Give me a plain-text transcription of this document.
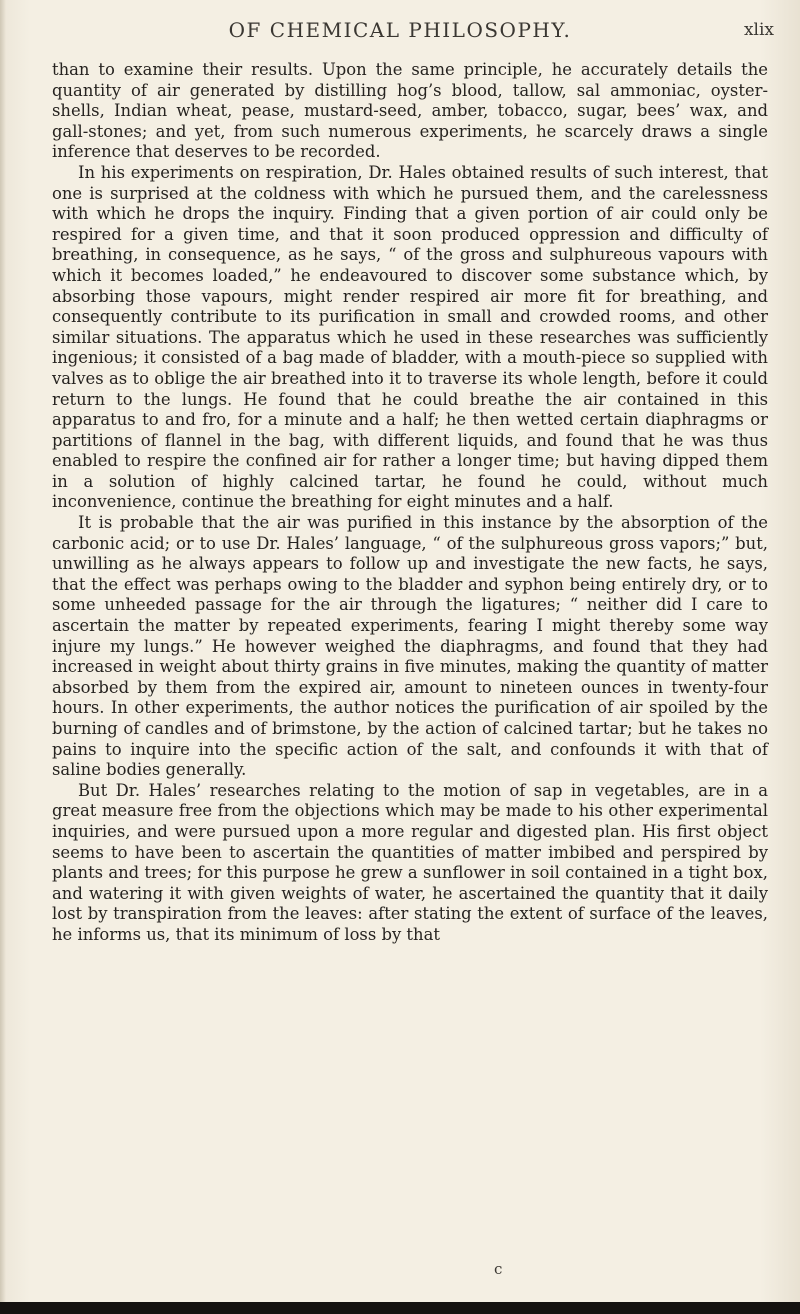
OF CHEMICAL PHILOSOPHY.	xlix

than to examine their results. Upon the same principle, he accurately details the quantity of air generated by distilling hog’s blood, tallow, sal ammoniac, oyster-shells, Indian wheat, pease, mustard-seed, amber, tobacco, sugar, bees’ wax, and gall-stones; and yet, from such numerous experiments, he scarcely draws a single inference that deserves to be recorded.

In his experiments on respiration, Dr. Hales obtained results of such interest, that one is surprised at the coldness with which he pursued them, and the carelessness with which he drops the inquiry. Finding that a given portion of air could only be respired for a given time, and that it soon produced oppression and difficulty of breathing, in consequence, as he says, “ of the gross and sulphureous vapours with which it becomes loaded,” he endeavoured to discover some substance which, by absorbing those vapours, might render respired air more fit for breathing, and consequently contribute to its purification in small and crowded rooms, and other similar situations. The apparatus which he used in these researches was sufficiently ingenious; it consisted of a bag made of bladder, with a mouth-piece so supplied with valves as to oblige the air breathed into it to traverse its whole length, before it could return to the lungs. He found that he could breathe the air contained in this apparatus to and fro, for a minute and a half; he then wetted certain diaphragms or partitions of flannel in the bag, with different liquids, and found that he was thus enabled to respire the confined air for rather a longer time; but having dipped them in a solution of highly calcined tartar, he found he could, without much inconvenience, continue the breathing for eight minutes and a half.

It is probable that the air was purified in this instance by the absorption of the carbonic acid; or to use Dr. Hales’ language, “ of the sulphureous gross vapors;” but, unwilling as he always appears to follow up and investigate the new facts, he says, that the effect was perhaps owing to the bladder and syphon being entirely dry, or to some unheeded passage for the air through the ligatures; “ neither did I care to ascertain the matter by repeated experiments, fearing I might thereby some way injure my lungs.” He however weighed the diaphragms, and found that they had increased in weight about thirty grains in five minutes, making the quantity of matter absorbed by them from the expired air, amount to nineteen ounces in twenty-four hours. In other experiments, the author notices the purification of air spoiled by the burning of candles and of brimstone, by the action of calcined tartar; but he takes no pains to inquire into the specific action of the salt, and confounds it with that of saline bodies generally.

But Dr. Hales’ researches relating to the motion of sap in vegetables, are in a great measure free from the objections which may be made to his other experimental inquiries, and were pursued upon a more regular and digested plan. His first object seems to have been to ascertain the quantities of matter imbibed and perspired by plants and trees; for this purpose he grew a sunflower in soil contained in a tight box, and watering it with given weights of water, he ascertained the quantity that it daily lost by transpiration from the leaves: after stating the extent of surface of the leaves, he informs us, that its minimum of loss by that

c
